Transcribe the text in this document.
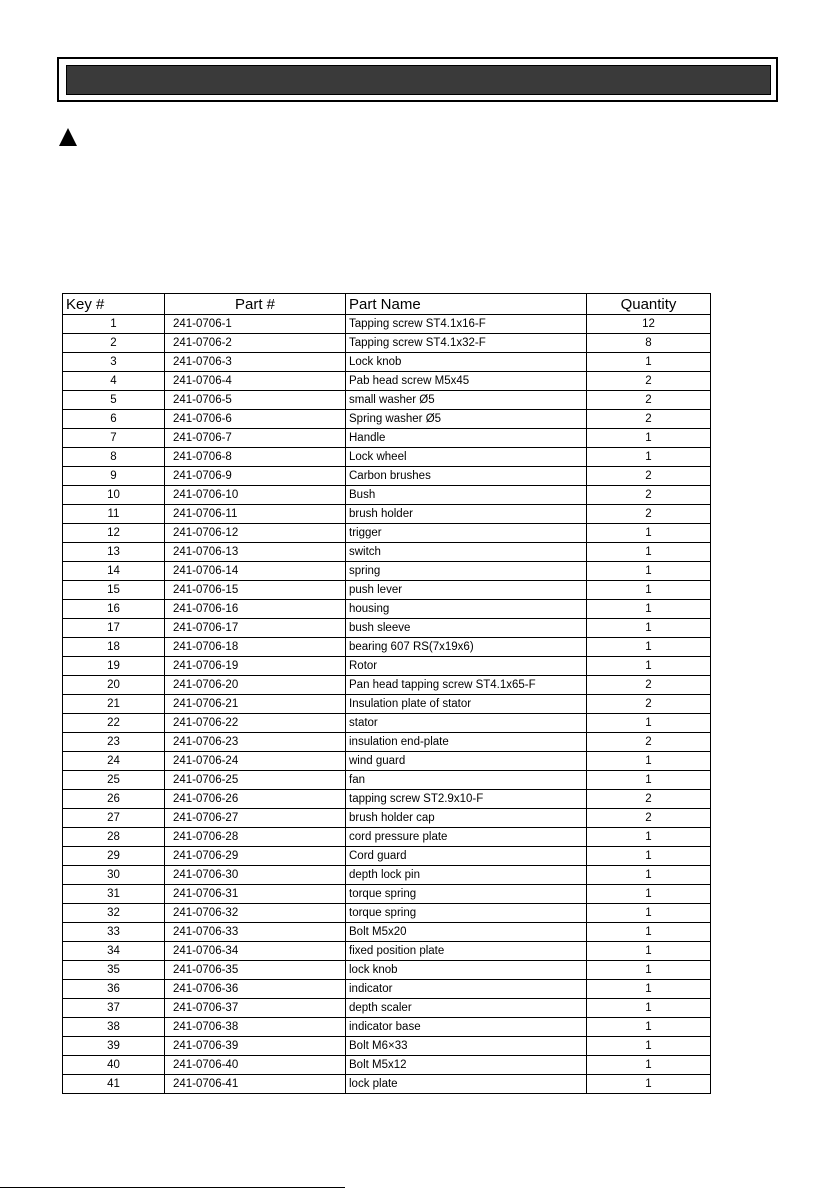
Key #	Part #	Part Name	Quantity
1	241-0706-1	Tapping screw ST4.1x16-F	12
2	241-0706-2	Tapping screw ST4.1x32-F	8
3	241-0706-3	Lock knob	1
4	241-0706-4	Pab head screw M5x45	2
5	241-0706-5	small washer Ø5	2
6	241-0706-6	Spring washer Ø5	2
7	241-0706-7	Handle	1
8	241-0706-8	Lock wheel	1
9	241-0706-9	Carbon brushes	2
10	241-0706-10	Bush	2
11	241-0706-11	brush holder	2
12	241-0706-12	trigger	1
13	241-0706-13	switch	1
14	241-0706-14	spring	1
15	241-0706-15	push lever	1
16	241-0706-16	housing	1
17	241-0706-17	bush sleeve	1
18	241-0706-18	bearing 607 RS(7x19x6)	1
19	241-0706-19	Rotor	1
20	241-0706-20	Pan head tapping screw ST4.1x65-F	2
21	241-0706-21	Insulation plate of stator	2
22	241-0706-22	stator	1
23	241-0706-23	insulation end-plate	2
24	241-0706-24	wind guard	1
25	241-0706-25	fan	1
26	241-0706-26	tapping screw ST2.9x10-F	2
27	241-0706-27	brush holder cap	2
28	241-0706-28	cord pressure plate	1
29	241-0706-29	Cord guard	1
30	241-0706-30	depth lock pin	1
31	241-0706-31	torque spring	1
32	241-0706-32	torque spring	1
33	241-0706-33	Bolt M5x20	1
34	241-0706-34	fixed position plate	1
35	241-0706-35	lock knob	1
36	241-0706-36	indicator	1
37	241-0706-37	depth scaler	1
38	241-0706-38	indicator base	1
39	241-0706-39	Bolt M6×33	1
40	241-0706-40	Bolt M5x12	1
41	241-0706-41	lock plate	1
